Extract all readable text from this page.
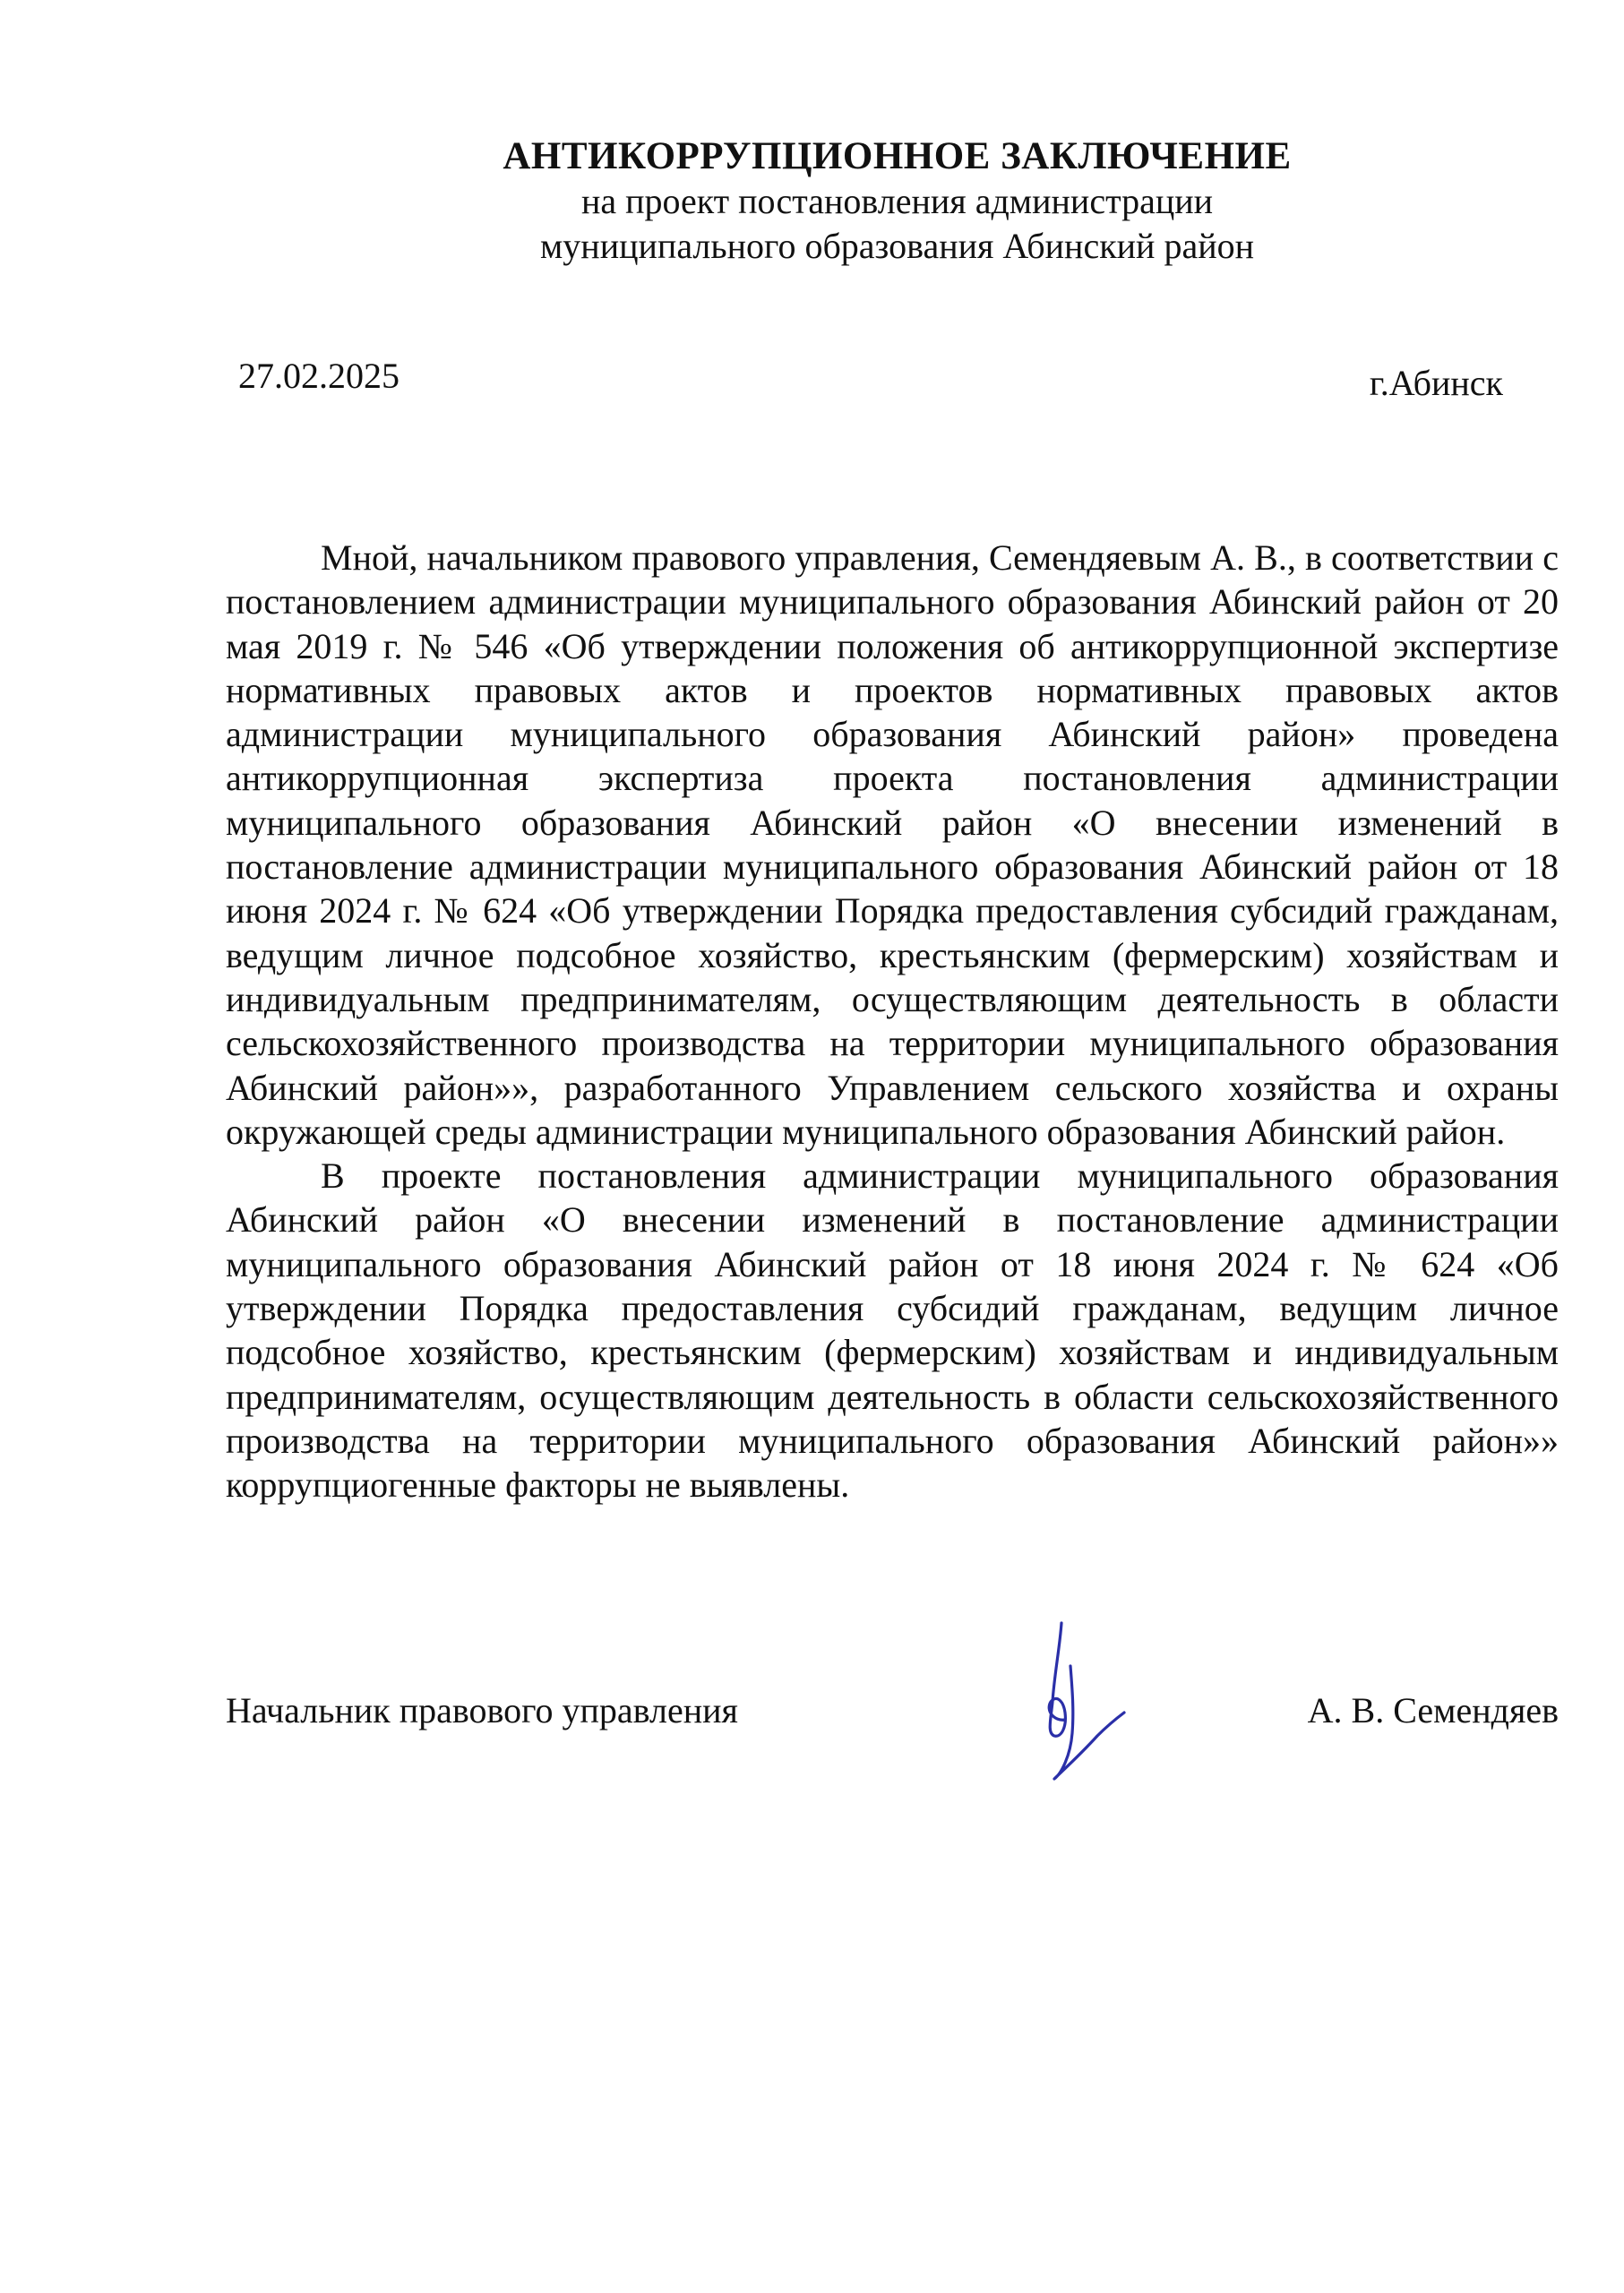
АНТИКОРРУПЦИОННОЕ ЗАКЛЮЧЕНИЕ
на проект постановления администрации
муниципального образования Абинский район
27.02.2025	г.Абинск

Мной, начальником правового управления, Семендяевым А. В., в соответствии с постановлением администрации муниципального образования Абинский район от 20 мая 2019 г. № 546 «Об утверждении положения об антикоррупционной экспертизе нормативных правовых актов и проектов нормативных правовых актов администрации муниципального образования Абинский район» проведена антикоррупционная экспертиза проекта постановления администрации муниципального образования Абинский район «О внесении изменений в постановление администрации муниципального образования Абинский район от 18 июня 2024 г. № 624 «Об утверждении Порядка предоставления субсидий гражданам, ведущим личное подсобное хозяйство, крестьянским (фермерским) хозяйствам и индивидуальным предпринимателям, осуществляющим деятельность в области сельскохозяйственного производства на территории муниципального образования Абинский район»», разработанного Управлением сельского хозяйства и охраны окружающей среды администрации муниципального образования Абинский район.

В проекте постановления администрации муниципального образования Абинский район «О внесении изменений в постановление администрации муниципального образования Абинский район от 18 июня 2024 г. № 624 «Об утверждении Порядка предоставления субсидий гражданам, ведущим личное подсобное хозяйство, крестьянским (фермерским) хозяйствам и индивидуальным предпринимателям, осуществляющим деятельность в области сельскохозяйственного производства на территории муниципального образования Абинский район»» коррупциогенные факторы не выявлены.

Начальник правового управления	А. В. Семендяев
